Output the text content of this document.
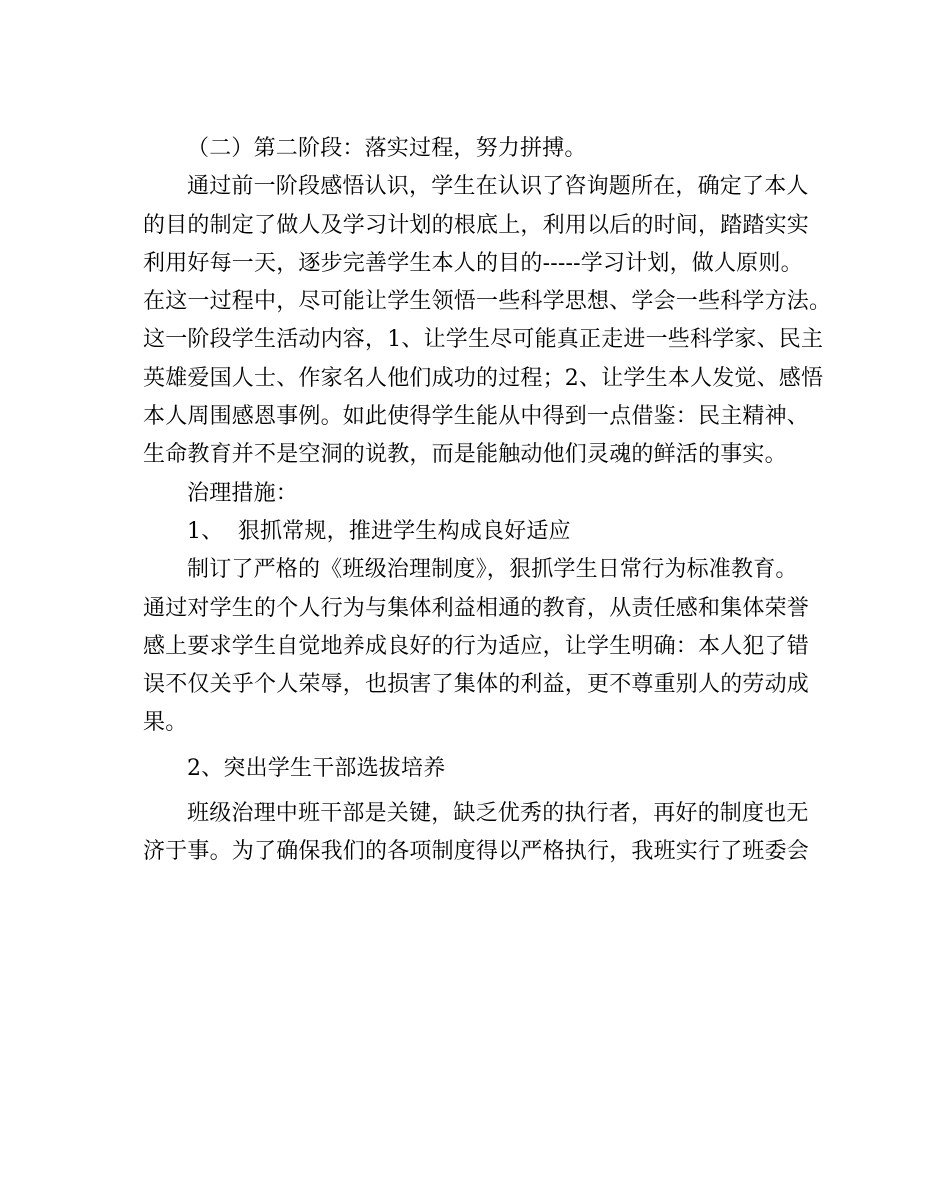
（二）第二阶段：落实过程，努力拼搏。
通过前一阶段感悟认识，学生在认识了咨询题所在，确定了本人
的目的制定了做人及学习计划的根底上，利用以后的时间，踏踏实实
利用好每一天，逐步完善学生本人的目的-----学习计划，做人原则。
在这一过程中，尽可能让学生领悟一些科学思想、学会一些科学方法。
这一阶段学生活动内容，1、让学生尽可能真正走进一些科学家、民主
英雄爱国人士、作家名人他们成功的过程；2、让学生本人发觉、感悟
本人周围感恩事例。如此使得学生能从中得到一点借鉴：民主精神、
生命教育并不是空洞的说教，而是能触动他们灵魂的鲜活的事实。
治理措施：
1、  狠抓常规，推进学生构成良好适应
制订了严格的《班级治理制度》，狠抓学生日常行为标准教育。
通过对学生的个人行为与集体利益相通的教育，从责任感和集体荣誉
感上要求学生自觉地养成良好的行为适应，让学生明确：本人犯了错
误不仅关乎个人荣辱，也损害了集体的利益，更不尊重别人的劳动成
果。
2、突出学生干部选拔培养
班级治理中班干部是关键，缺乏优秀的执行者，再好的制度也无
济于事。为了确保我们的各项制度得以严格执行，我班实行了班委会
